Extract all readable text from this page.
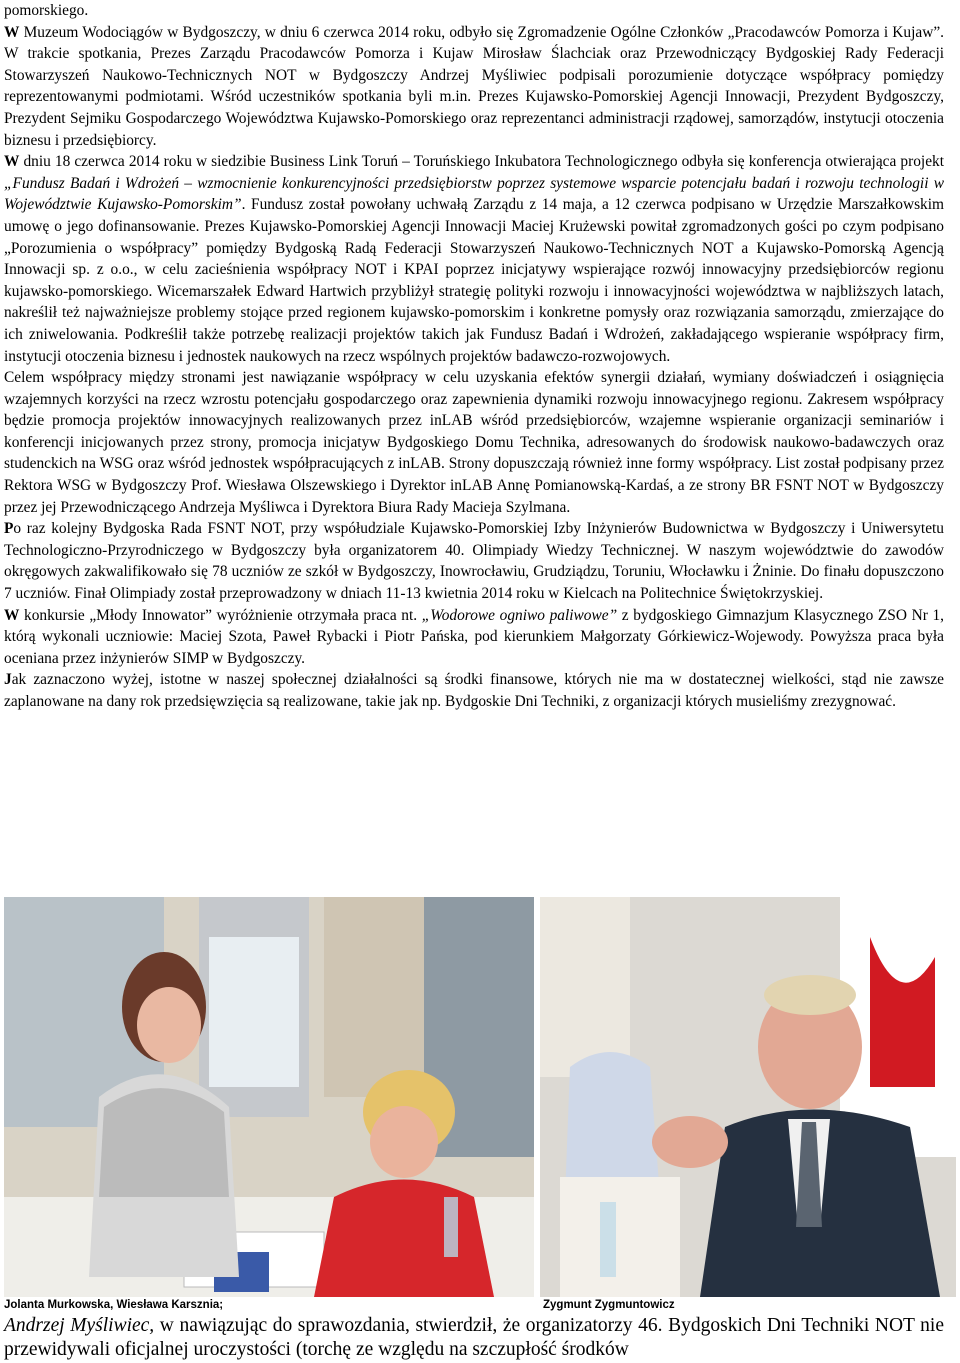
pomorskiego.

W Muzeum Wodociągów w Bydgoszczy, w dniu 6 czerwca 2014 roku, odbyło się Zgromadzenie Ogólne Członków „Pracodawców Pomorza i Kujaw”. W trakcie spotkania, Prezes Zarządu Pracodawców Pomorza i Kujaw Mirosław Ślachciak oraz Przewodniczący Bydgoskiej Rady Federacji Stowarzyszeń Naukowo-Technicznych NOT w Bydgoszczy Andrzej Myśliwiec podpisali porozumienie dotyczące współpracy pomiędzy reprezentowanymi podmiotami. Wśród uczestników spotkania byli m.in. Prezes Kujawsko-Pomorskiej Agencji Innowacji, Prezydent Bydgoszczy, Prezydent Sejmiku Gospodarczego Województwa Kujawsko-Pomorskiego oraz reprezentanci administracji rządowej, samorządów, instytucji otoczenia biznesu i przedsiębiorcy.

W dniu 18 czerwca 2014 roku w siedzibie Business Link Toruń – Toruńskiego Inkubatora Technologicznego odbyła się konferencja otwierająca projekt „Fundusz Badań i Wdrożeń – wzmocnienie konkurencyjności przedsiębiorstw poprzez systemowe wsparcie potencjału badań i rozwoju technologii w Województwie Kujawsko-Pomorskim”. Fundusz został powołany uchwałą Zarządu z 14 maja, a 12 czerwca podpisano w Urzędzie Marszałkowskim umowę o jego dofinansowanie. Prezes Kujawsko-Pomorskiej Agencji Innowacji Maciej Krużewski powitał zgromadzonych gości po czym podpisano „Porozumienia o współpracy” pomiędzy Bydgoską Radą Federacji Stowarzyszeń Naukowo-Technicznych NOT a Kujawsko-Pomorską Agencją Innowacji sp. z o.o., w celu zacieśnienia współpracy NOT i KPAI poprzez inicjatywy wspierające rozwój innowacyjny przedsiębiorców regionu kujawsko-pomorskiego. Wicemarszałek Edward Hartwich przybliżył strategię polityki rozwoju i innowacyjności województwa w najbliższych latach, nakreślił też najważniejsze problemy stojące przed regionem kujawsko-pomorskim i konkretne pomysły oraz rozwiązania samorządu, zmierzające do ich zniwelowania. Podkreślił także potrzebę realizacji projektów takich jak Fundusz Badań i Wdrożeń, zakładającego wspieranie współpracy firm, instytucji otoczenia biznesu i jednostek naukowych na rzecz wspólnych projektów badawczo-rozwojowych.

Celem współpracy między stronami jest nawiązanie współpracy w celu uzyskania efektów synergii działań, wymiany doświadczeń i osiągnięcia wzajemnych korzyści na rzecz wzrostu potencjału gospodarczego oraz zapewnienia dynamiki rozwoju innowacyjnego regionu. Zakresem współpracy będzie promocja projektów innowacyjnych realizowanych przez inLAB wśród przedsiębiorców, wzajemne wspieranie organizacji seminariów i konferencji inicjowanych przez strony, promocja inicjatyw Bydgoskiego Domu Technika, adresowanych do środowisk naukowo-badawczych oraz studenckich na WSG oraz wśród jednostek współpracujących z inLAB. Strony dopuszczają również inne formy współpracy. List został podpisany przez Rektora WSG w Bydgoszczy Prof. Wiesława Olszewskiego i Dyrektor inLAB Annę Pomianowską-Kardaś, a ze strony BR FSNT NOT w Bydgoszczy przez jej Przewodniczącego Andrzeja Myśliwca i Dyrektora Biura Rady Macieja Szylmana.

Po raz kolejny Bydgoska Rada FSNT NOT, przy współudziale Kujawsko-Pomorskiej Izby Inżynierów Budownictwa w Bydgoszczy i Uniwersytetu Technologiczno-Przyrodniczego w Bydgoszczy była organizatorem 40. Olimpiady Wiedzy Technicznej. W naszym województwie do zawodów okręgowych zakwalifikowało się 78 uczniów ze szkół w Bydgoszczy, Inowrocławiu, Grudziądzu, Toruniu, Włocławku i Żninie. Do finału dopuszczono 7 uczniów. Finał Olimpiady został przeprowadzony w dniach 11-13 kwietnia 2014 roku w Kielcach na Politechnice Świętokrzyskiej.

W konkursie „Młody Innowator” wyróżnienie otrzymała praca nt. „Wodorowe ogniwo paliwowe” z bydgoskiego Gimnazjum Klasycznego ZSO Nr 1, którą wykonali uczniowie: Maciej Szota, Paweł Rybacki i Piotr Pańska, pod kierunkiem Małgorzaty Górkiewicz-Wojewody. Powyższa praca była oceniana przez inżynierów SIMP w Bydgoszczy.

Jak zaznaczono wyżej, istotne w naszej społecznej działalności są środki finansowe, których nie ma w dostatecznej wielkości, stąd nie zawsze zaplanowane na dany rok przedsięwzięcia są realizowane, takie jak np. Bydgoskie Dni Techniki, z organizacji których musieliśmy zrezygnować.

Jolanta Murkowska, Wiesława Karsznia;	Zygmunt Zygmuntowicz

Andrzej Myśliwiec, w nawiązując do sprawozdania, stwierdził, że organizatorzy 46. Bydgoskich Dni Techniki NOT nie przewidywali oficjalnej uroczystości (torchę ze względu na szczupłość środków
